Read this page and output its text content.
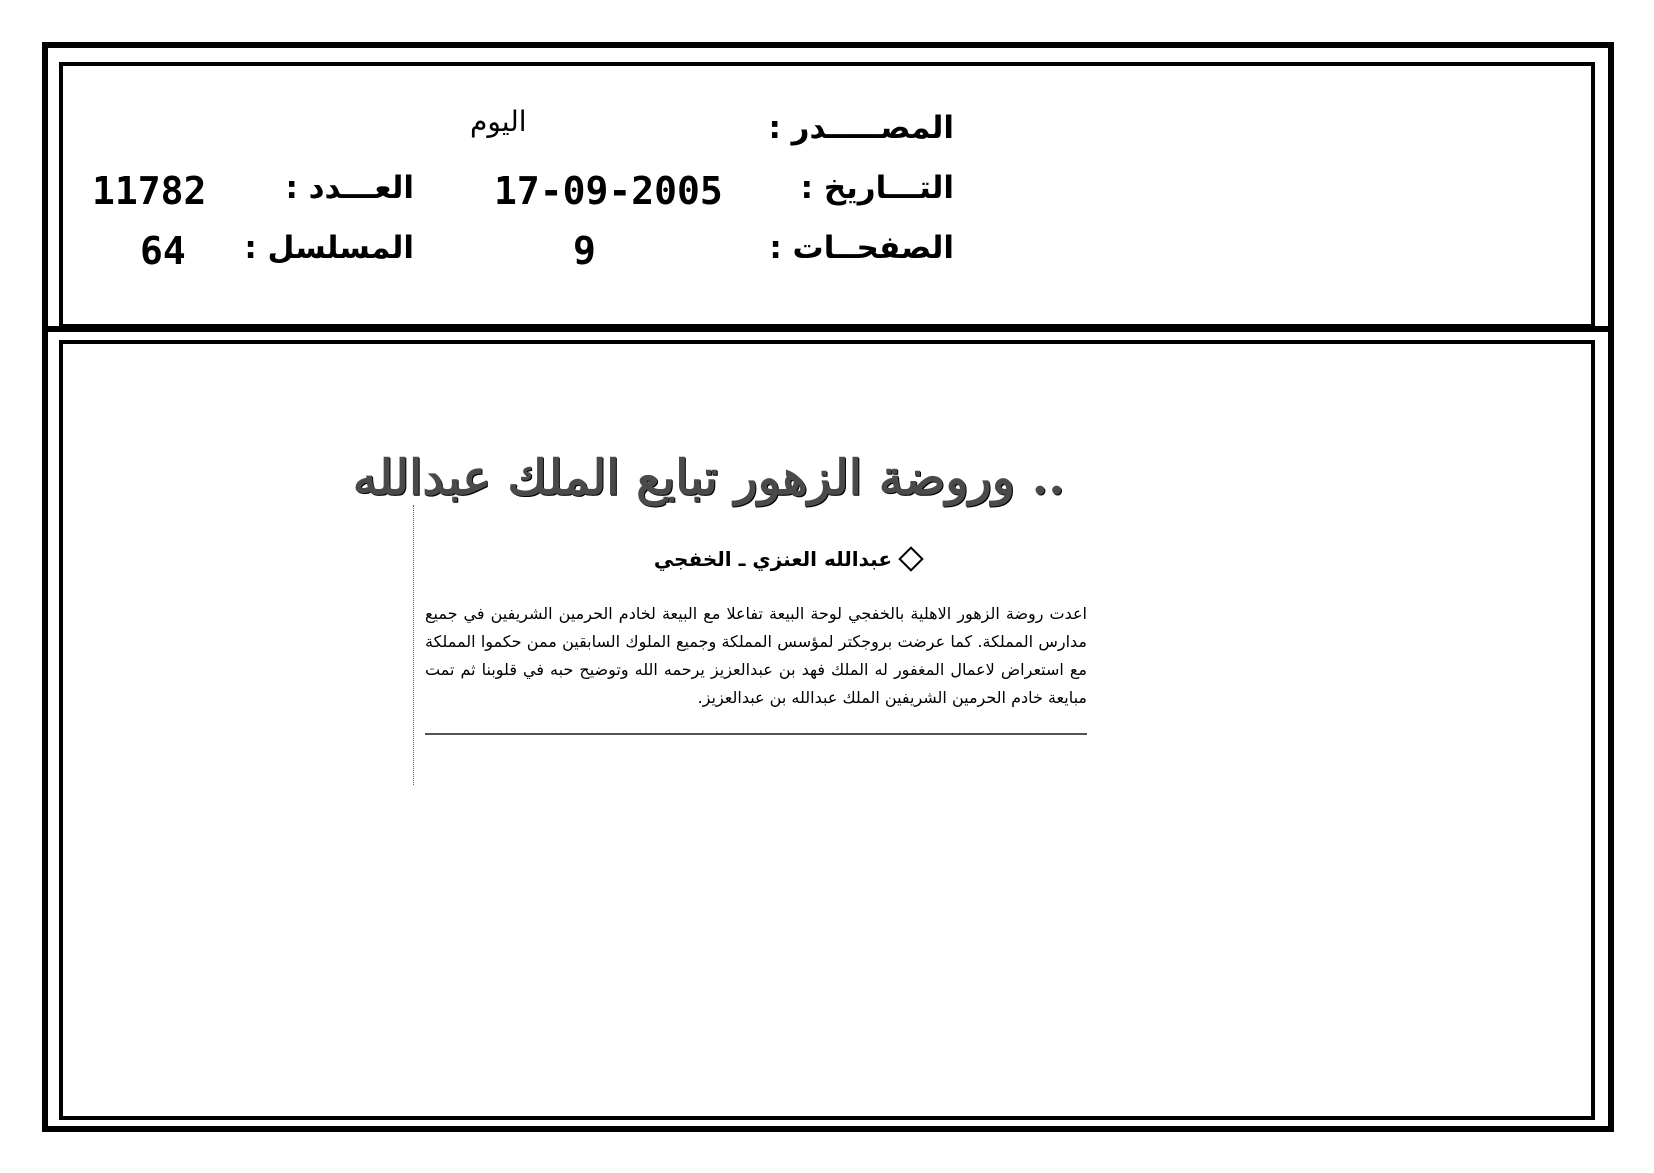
المصـــــدر :
التـــاريخ :
الصفحــات :
اليوم
17-09-2005
9
العـــدد :
المسلسل :
11782
64
.. وروضة الزهور تبايع الملك عبدالله
عبدالله العنزي ـ الخفجي
اعدت روضة الزهور الاهلية بالخفجي لوحة البيعة تفاعلا مع البيعة لخادم الحرمين الشريفين في جميع مدارس المملكة. كما عرضت بروجكتر لمؤسس المملكة وجميع الملوك السابقين ممن حكموا المملكة مع استعراض لاعمال المغفور له الملك فهد بن عبدالعزيز يرحمه الله وتوضيح حبه في قلوبنا ثم تمت مبايعة خادم الحرمين الشريفين الملك عبدالله بن عبدالعزيز.
